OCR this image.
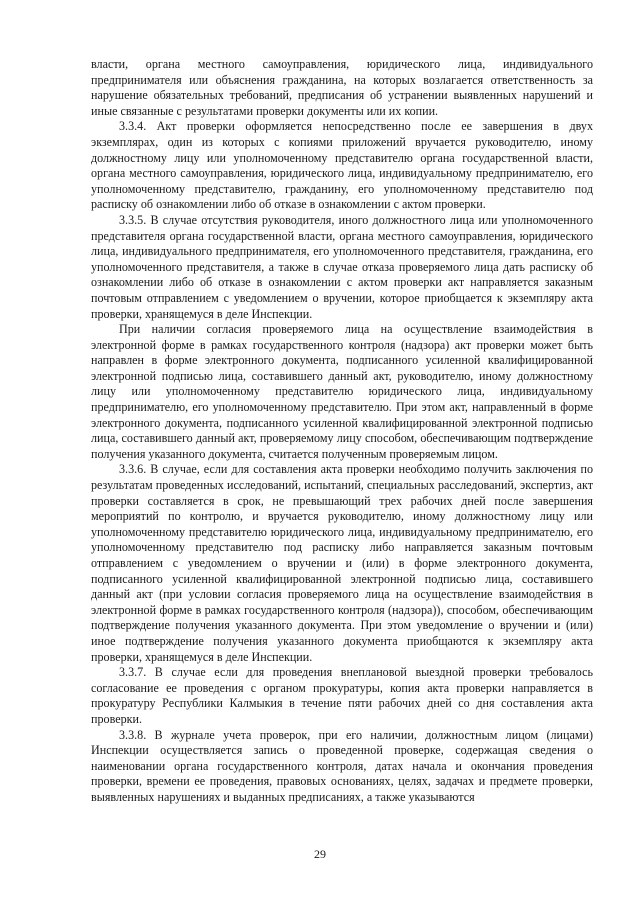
власти, органа местного самоуправления, юридического лица, индивидуального предпринимателя или объяснения гражданина, на которых возлагается ответственность за нарушение обязательных требований, предписания об устранении выявленных нарушений и иные связанные с результатами проверки документы или их копии.

3.3.4. Акт проверки оформляется непосредственно после ее завершения в двух экземплярах, один из которых с копиями приложений вручается руководителю, иному должностному лицу или уполномоченному представителю органа государственной власти, органа местного самоуправления, юридического лица, индивидуальному предпринимателю, его уполномоченному представителю, гражданину, его уполномоченному представителю под расписку об ознакомлении либо об отказе в ознакомлении с актом проверки.

3.3.5. В случае отсутствия руководителя, иного должностного лица или уполномоченного представителя органа государственной власти, органа местного самоуправления, юридического лица, индивидуального предпринимателя, его уполномоченного представителя, гражданина, его уполномоченного представителя, а также в случае отказа проверяемого лица дать расписку об ознакомлении либо об отказе в ознакомлении с актом проверки акт направляется заказным почтовым отправлением с уведомлением о вручении, которое приобщается к экземпляру акта проверки, хранящемуся в деле Инспекции.

При наличии согласия проверяемого лица на осуществление взаимодействия в электронной форме в рамках государственного контроля (надзора) акт проверки может быть направлен в форме электронного документа, подписанного усиленной квалифицированной электронной подписью лица, составившего данный акт, руководителю, иному должностному лицу или уполномоченному представителю юридического лица, индивидуальному предпринимателю, его уполномоченному представителю. При этом акт, направленный в форме электронного документа, подписанного усиленной квалифицированной электронной подписью лица, составившего данный акт, проверяемому лицу способом, обеспечивающим подтверждение получения указанного документа, считается полученным проверяемым лицом.

3.3.6. В случае, если для составления акта проверки необходимо получить заключения по результатам проведенных исследований, испытаний, специальных расследований, экспертиз, акт проверки составляется в срок, не превышающий трех рабочих дней после завершения мероприятий по контролю, и вручается руководителю, иному должностному лицу или уполномоченному представителю юридического лица, индивидуальному предпринимателю, его уполномоченному представителю под расписку либо направляется заказным почтовым отправлением с уведомлением о вручении и (или) в форме электронного документа, подписанного усиленной квалифицированной электронной подписью лица, составившего данный акт (при условии согласия проверяемого лица на осуществление взаимодействия в электронной форме в рамках государственного контроля (надзора)), способом, обеспечивающим подтверждение получения указанного документа. При этом уведомление о вручении и (или) иное подтверждение получения указанного документа приобщаются к экземпляру акта проверки, хранящемуся в деле Инспекции.

3.3.7. В случае если для проведения внеплановой выездной проверки требовалось согласование ее проведения с органом прокуратуры, копия акта проверки направляется в прокуратуру Республики Калмыкия в течение пяти рабочих дней со дня составления акта проверки.

3.3.8. В журнале учета проверок, при его наличии, должностным лицом (лицами) Инспекции осуществляется запись о проведенной проверке, содержащая сведения о наименовании органа государственного контроля, датах начала и окончания проведения проверки, времени ее проведения, правовых основаниях, целях, задачах и предмете проверки, выявленных нарушениях и выданных предписаниях, а также указываются

29
